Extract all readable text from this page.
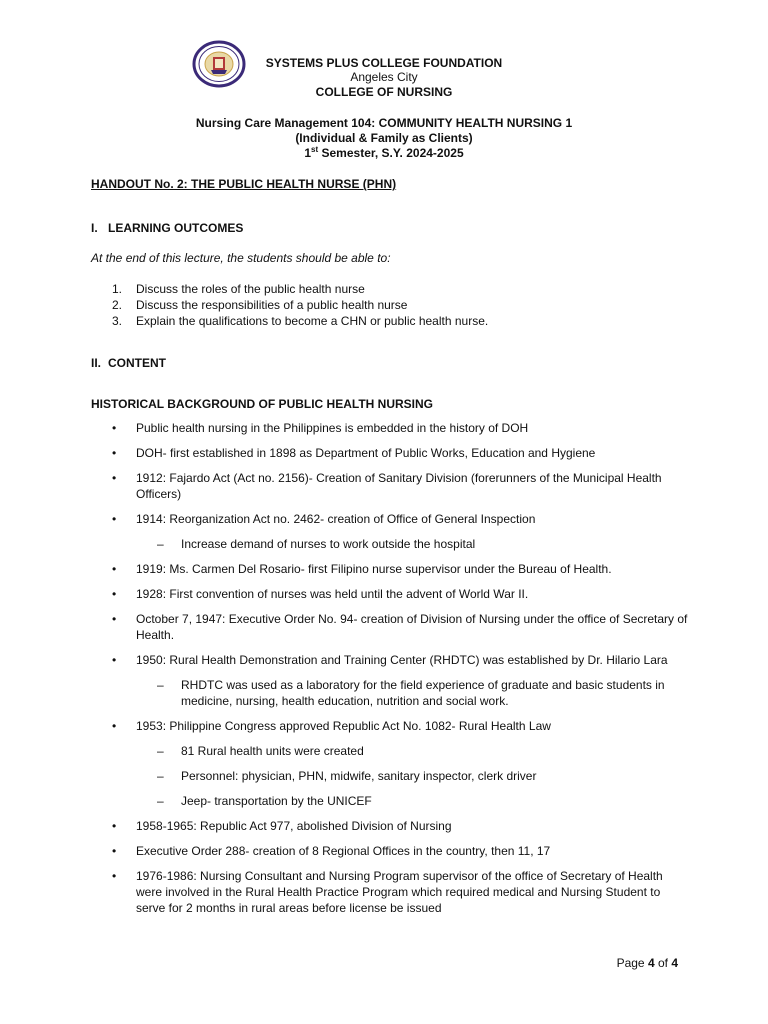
SYSTEMS PLUS COLLEGE FOUNDATION
Angeles City
COLLEGE OF NURSING
Nursing Care Management 104: COMMUNITY HEALTH NURSING 1
(Individual & Family as Clients)
1st Semester, S.Y. 2024-2025
HANDOUT No. 2: THE PUBLIC HEALTH NURSE (PHN)
I. LEARNING OUTCOMES
At the end of this lecture, the students should be able to:
1.	Discuss the roles of the public health nurse
2.	Discuss the responsibilities of a public health nurse
3.	Explain the qualifications to become a CHN or public health nurse.
II. CONTENT
HISTORICAL BACKGROUND OF PUBLIC HEALTH NURSING
•	Public health nursing in the Philippines is embedded in the history of DOH
•	DOH- first established in 1898 as Department of Public Works, Education and Hygiene
•	1912: Fajardo Act (Act no. 2156)- Creation of Sanitary Division (forerunners of the Municipal Health Officers)
•	1914: Reorganization Act no. 2462- creation of Office of General Inspection
–	Increase demand of nurses to work outside the hospital
•	1919: Ms. Carmen Del Rosario- first Filipino nurse supervisor under the Bureau of Health.
•	1928: First convention of nurses was held until the advent of World War II.
•	October 7, 1947: Executive Order No. 94- creation of Division of Nursing under the office of Secretary of Health.
•	1950: Rural Health Demonstration and Training Center (RHDTC) was established by Dr. Hilario Lara
–	RHDTC was used as a laboratory for the field experience of graduate and basic students in medicine, nursing, health education, nutrition and social work.
•	1953: Philippine Congress approved Republic Act No. 1082- Rural Health Law
–	81 Rural health units were created
–	Personnel: physician, PHN, midwife, sanitary inspector, clerk driver
–	Jeep- transportation by the UNICEF
•	1958-1965: Republic Act 977, abolished Division of Nursing
•	Executive Order 288- creation of 8 Regional Offices in the country, then 11, 17
•	1976-1986: Nursing Consultant and Nursing Program supervisor of the office of Secretary of Health were involved in the Rural Health Practice Program which required medical and Nursing Student to serve for 2 months in rural areas before license be issued
Page 4 of 4
